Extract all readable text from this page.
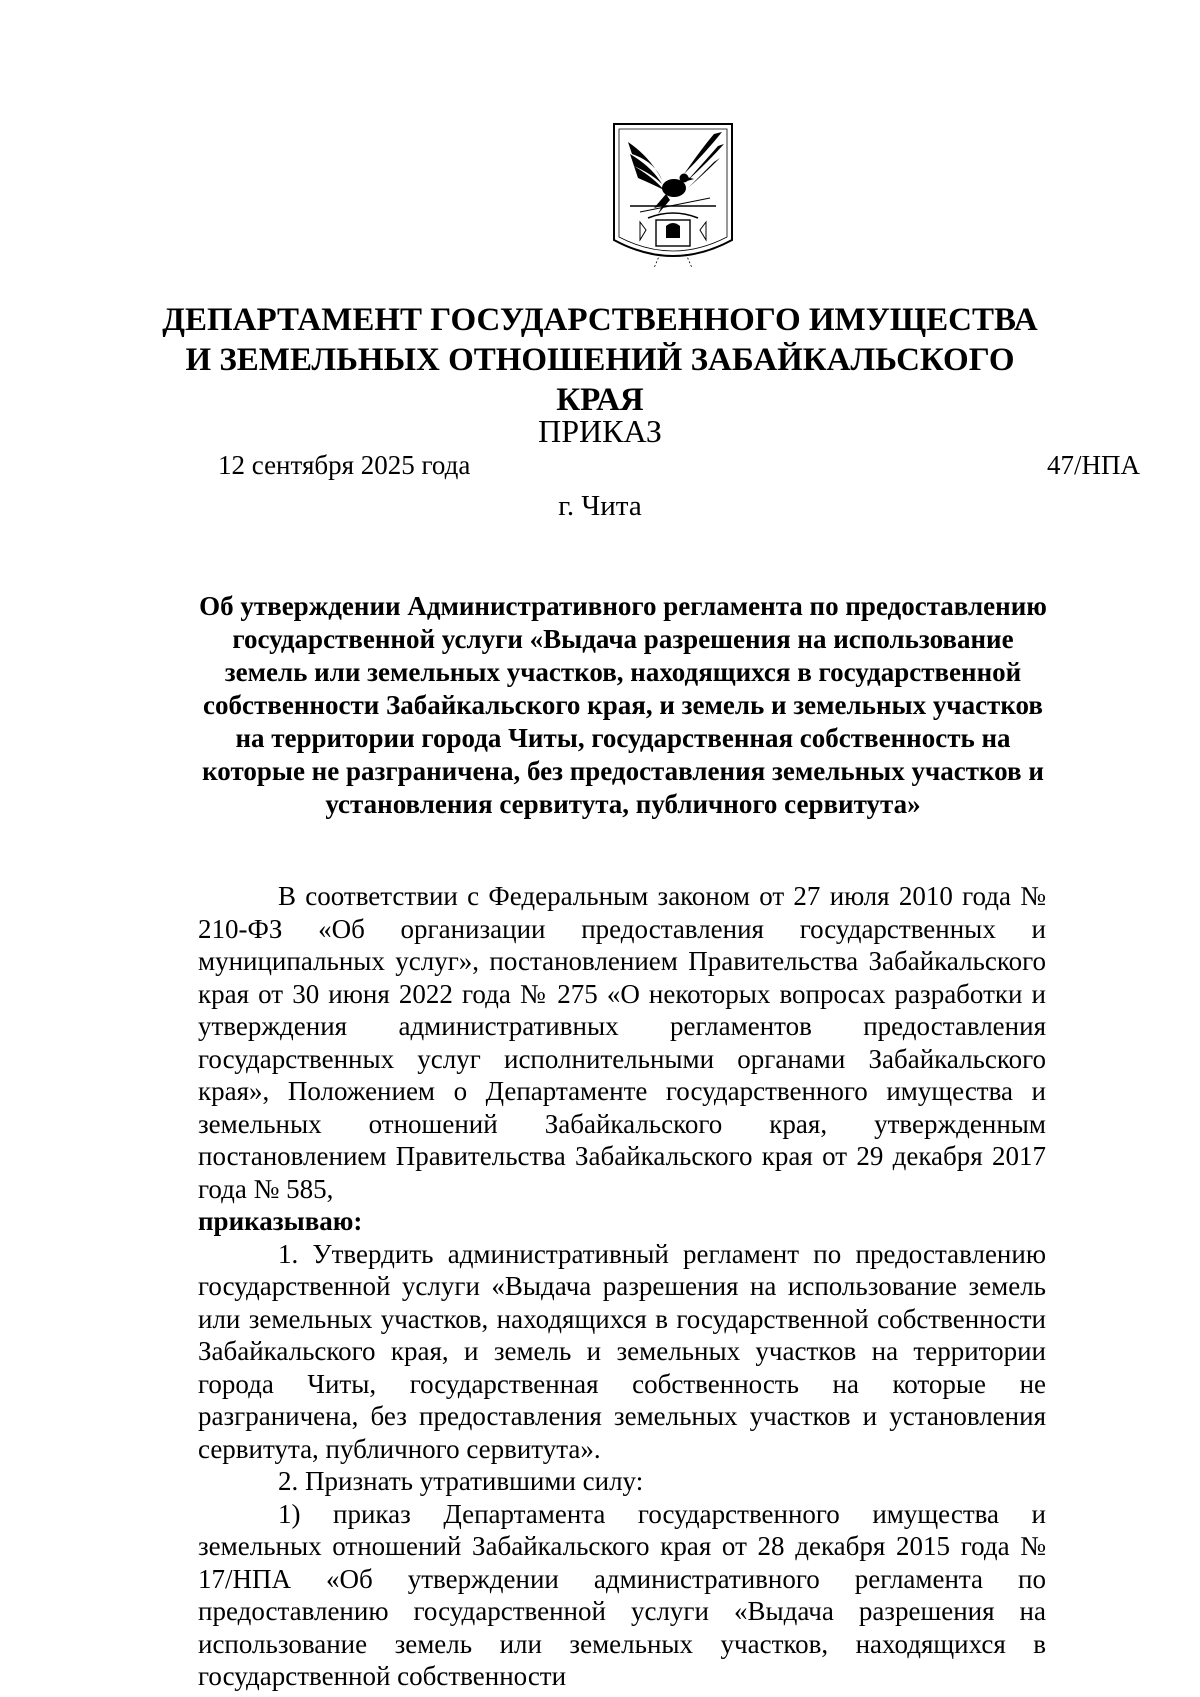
ДЕПАРТАМЕНТ ГОСУДАРСТВЕННОГО ИМУЩЕСТВА
И ЗЕМЕЛЬНЫХ ОТНОШЕНИЙ ЗАБАЙКАЛЬСКОГО КРАЯ
ПРИКАЗ
12 сентября 2025 года	47/НПА
г. Чита
Об утверждении Административного регламента по предоставлению государственной услуги «Выдача разрешения на использование земель или земельных участков, находящихся в государственной собственности Забайкальского края, и земель и земельных участков на территории города Читы, государственная собственность на которые не разграничена, без предоставления земельных участков и установления сервитута, публичного сервитута»

В соответствии с Федеральным законом от 27 июля 2010 года № 210-ФЗ «Об организации предоставления государственных и муниципальных услуг», постановлением Правительства Забайкальского края от 30 июня 2022 года № 275 «О некоторых вопросах разработки и утверждения административных регламентов предоставления государственных услуг исполнительными органами Забайкальского края», Положением о Департаменте государственного имущества и земельных отношений Забайкальского края, утвержденным постановлением Правительства Забайкальского края от 29 декабря 2017 года № 585,

приказываю:

1. Утвердить административный регламент по предоставлению государственной услуги «Выдача разрешения на использование земель или земельных участков, находящихся в государственной собственности Забайкальского края, и земель и земельных участков на территории города Читы, государственная собственность на которые не разграничена, без предоставления земельных участков и установления сервитута, публичного сервитута».

2. Признать утратившими силу:

1) приказ Департамента государственного имущества и земельных отношений Забайкальского края от 28 декабря 2015 года № 17/НПА «Об утверждении административного регламента по предоставлению государственной услуги «Выдача разрешения на использование земель или земельных участков, находящихся в государственной собственности
